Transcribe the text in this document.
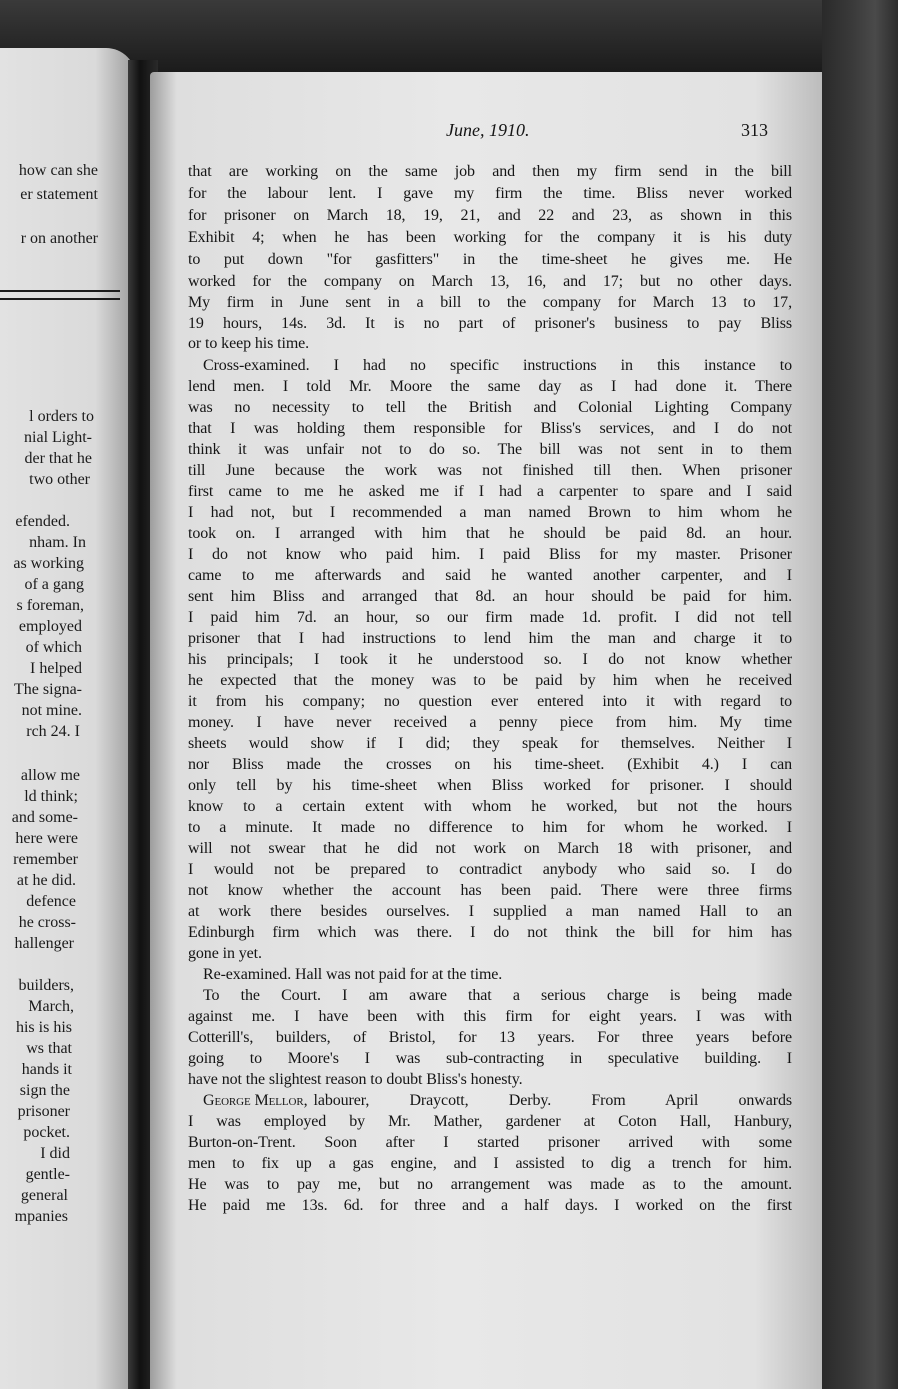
how can she
er statement
r on another
l orders to
nial Light-
der that he
two other
efended.
nham. In
as working
of a gang
s foreman,
employed
of which
I helped
The signa-
not mine.
rch 24. I
allow me
ld think;
and some-
here were
remember
at he did.
defence
he cross-
hallenger
builders,
March,
his is his
ws that
hands it
sign the
prisoner
pocket.
I did
gentle-
general
mpanies
June, 1910.	313
that are working on the same job and then my firm send in the bill
for the labour lent. I gave my firm the time. Bliss never worked
for prisoner on March 18, 19, 21, and 22 and 23, as shown in this
Exhibit 4; when he has been working for the company it is his duty
to put down "for gasfitters" in the time-sheet he gives me. He
worked for the company on March 13, 16, and 17; but no other days.
My firm in June sent in a bill to the company for March 13 to 17,
19 hours, 14s. 3d. It is no part of prisoner's business to pay Bliss
or to keep his time.
Cross-examined. I had no specific instructions in this instance to
lend men. I told Mr. Moore the same day as I had done it. There
was no necessity to tell the British and Colonial Lighting Company
that I was holding them responsible for Bliss's services, and I do not
think it was unfair not to do so. The bill was not sent in to them
till June because the work was not finished till then. When prisoner
first came to me he asked me if I had a carpenter to spare and I said
I had not, but I recommended a man named Brown to him whom he
took on. I arranged with him that he should be paid 8d. an hour.
I do not know who paid him. I paid Bliss for my master. Prisoner
came to me afterwards and said he wanted another carpenter, and I
sent him Bliss and arranged that 8d. an hour should be paid for him.
I paid him 7d. an hour, so our firm made 1d. profit. I did not tell
prisoner that I had instructions to lend him the man and charge it to
his principals; I took it he understood so. I do not know whether
he expected that the money was to be paid by him when he received
it from his company; no question ever entered into it with regard to
money. I have never received a penny piece from him. My time
sheets would show if I did; they speak for themselves. Neither I
nor Bliss made the crosses on his time-sheet. (Exhibit 4.) I can
only tell by his time-sheet when Bliss worked for prisoner. I should
know to a certain extent with whom he worked, but not the hours
to a minute. It made no difference to him for whom he worked. I
will not swear that he did not work on March 18 with prisoner, and
I would not be prepared to contradict anybody who said so. I do
not know whether the account has been paid. There were three firms
at work there besides ourselves. I supplied a man named Hall to an
Edinburgh firm which was there. I do not think the bill for him has
gone in yet.
Re-examined. Hall was not paid for at the time.
To the Court. I am aware that a serious charge is being made
against me. I have been with this firm for eight years. I was with
Cotterill's, builders, of Bristol, for 13 years. For three years before
going to Moore's I was sub-contracting in speculative building. I
have not the slightest reason to doubt Bliss's honesty.
George Mellor, labourer, Draycott, Derby. From April onwards
I was employed by Mr. Mather, gardener at Coton Hall, Hanbury,
Burton-on-Trent. Soon after I started prisoner arrived with some
men to fix up a gas engine, and I assisted to dig a trench for him.
He was to pay me, but no arrangement was made as to the amount.
He paid me 13s. 6d. for three and a half days. I worked on the first
